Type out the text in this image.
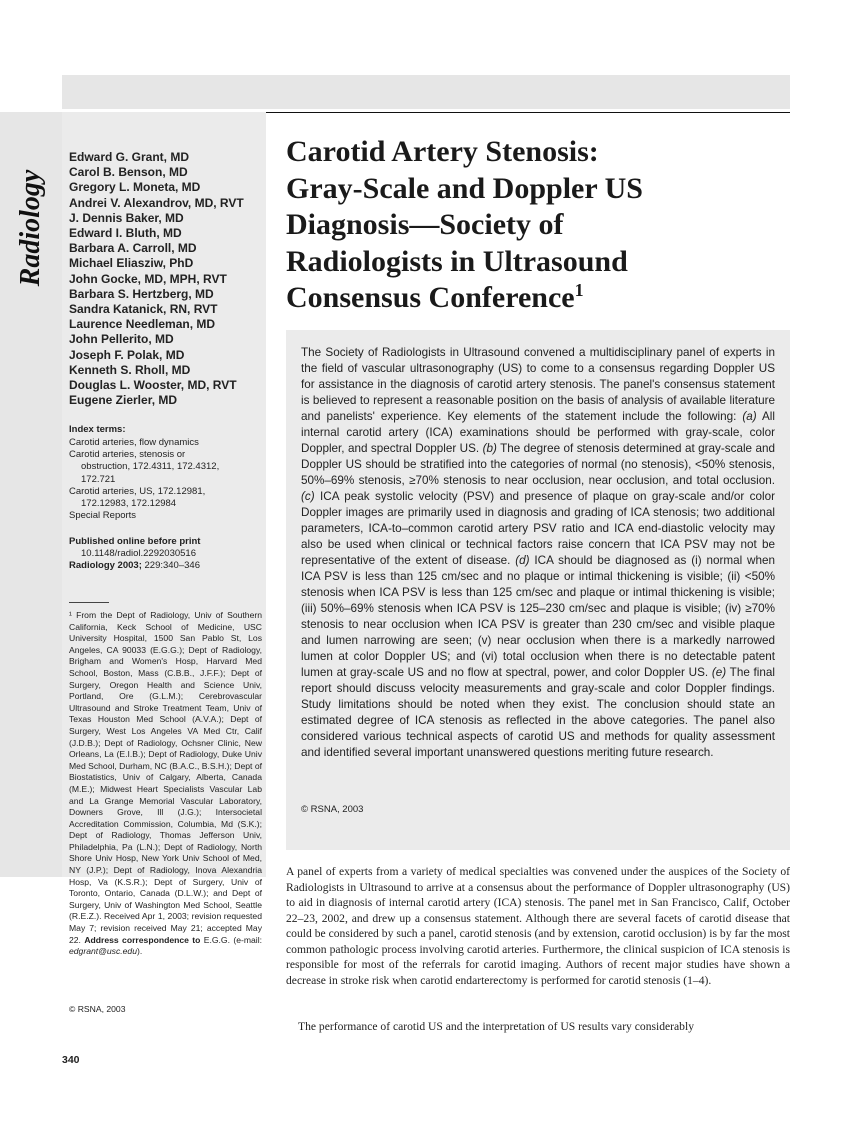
Radiology
Edward G. Grant, MD
Carol B. Benson, MD
Gregory L. Moneta, MD
Andrei V. Alexandrov, MD, RVT
J. Dennis Baker, MD
Edward I. Bluth, MD
Barbara A. Carroll, MD
Michael Eliasziw, PhD
John Gocke, MD, MPH, RVT
Barbara S. Hertzberg, MD
Sandra Katanick, RN, RVT
Laurence Needleman, MD
John Pellerito, MD
Joseph F. Polak, MD
Kenneth S. Rholl, MD
Douglas L. Wooster, MD, RVT
Eugene Zierler, MD
Index terms:
Carotid arteries, flow dynamics
Carotid arteries, stenosis or
obstruction, 172.4311, 172.4312,
172.721
Carotid arteries, US, 172.12981,
172.12983, 172.12984
Special Reports
Published online before print
10.1148/radiol.2292030516
Radiology 2003; 229:340–346

¹ From the Dept of Radiology, Univ of Southern California, Keck School of Medicine, USC University Hospital, 1500 San Pablo St, Los Angeles, CA 90033 (E.G.G.); Dept of Radiology, Brigham and Women's Hosp, Harvard Med School, Boston, Mass (C.B.B., J.F.F.); Dept of Surgery, Oregon Health and Science Univ, Portland, Ore (G.L.M.); Cerebrovascular Ultrasound and Stroke Treatment Team, Univ of Texas Houston Med School (A.V.A.); Dept of Surgery, West Los Angeles VA Med Ctr, Calif (J.D.B.); Dept of Radiology, Ochsner Clinic, New Orleans, La (E.I.B.); Dept of Radiology, Duke Univ Med School, Durham, NC (B.A.C., B.S.H.); Dept of Biostatistics, Univ of Calgary, Alberta, Canada (M.E.); Midwest Heart Specialists Vascular Lab and La Grange Memorial Vascular Laboratory, Downers Grove, Ill (J.G.); Intersocietal Accreditation Commission, Columbia, Md (S.K.); Dept of Radiology, Thomas Jefferson Univ, Philadelphia, Pa (L.N.); Dept of Radiology, North Shore Univ Hosp, New York Univ School of Med, NY (J.P.); Dept of Radiology, Inova Alexandria Hosp, Va (K.S.R.); Dept of Surgery, Univ of Toronto, Ontario, Canada (D.L.W.); and Dept of Surgery, Univ of Washington Med School, Seattle (R.E.Z.). Received Apr 1, 2003; revision requested May 7; revision received May 21; accepted May 22. Address correspondence to E.G.G. (e-mail: edgrant@usc.edu).

© RSNA, 2003
Carotid Artery Stenosis:
Gray-Scale and Doppler US
Diagnosis—Society of
Radiologists in Ultrasound
Consensus Conference$^1$

The Society of Radiologists in Ultrasound convened a multidisciplinary panel of experts in the field of vascular ultrasonography (US) to come to a consensus regarding Doppler US for assistance in the diagnosis of carotid artery stenosis. The panel's consensus statement is believed to represent a reasonable position on the basis of analysis of available literature and panelists' experience. Key elements of the statement include the following: (a) All internal carotid artery (ICA) examinations should be performed with gray-scale, color Doppler, and spectral Doppler US. (b) The degree of stenosis determined at gray-scale and Doppler US should be stratified into the categories of normal (no stenosis), <50% stenosis, 50%–69% stenosis, ≥70% stenosis to near occlusion, near occlusion, and total occlusion. (c) ICA peak systolic velocity (PSV) and presence of plaque on gray-scale and/or color Doppler images are primarily used in diagnosis and grading of ICA stenosis; two additional parameters, ICA-to–common carotid artery PSV ratio and ICA end-diastolic velocity may also be used when clinical or technical factors raise concern that ICA PSV may not be representative of the extent of disease. (d) ICA should be diagnosed as (i) normal when ICA PSV is less than 125 cm/sec and no plaque or intimal thickening is visible; (ii) <50% stenosis when ICA PSV is less than 125 cm/sec and plaque or intimal thickening is visible; (iii) 50%–69% stenosis when ICA PSV is 125–230 cm/sec and plaque is visible; (iv) ≥70% stenosis to near occlusion when ICA PSV is greater than 230 cm/sec and visible plaque and lumen narrowing are seen; (v) near occlusion when there is a markedly narrowed lumen at color Doppler US; and (vi) total occlusion when there is no detectable patent lumen at gray-scale US and no flow at spectral, power, and color Doppler US. (e) The final report should discuss velocity measurements and gray-scale and color Doppler findings. Study limitations should be noted when they exist. The conclusion should state an estimated degree of ICA stenosis as reflected in the above categories. The panel also considered various technical aspects of carotid US and methods for quality assessment and identified several important unanswered questions meriting future research.

© RSNA, 2003

A panel of experts from a variety of medical specialties was convened under the auspices of the Society of Radiologists in Ultrasound to arrive at a consensus about the performance of Doppler ultrasonography (US) to aid in diagnosis of internal carotid artery (ICA) stenosis. The panel met in San Francisco, Calif, October 22–23, 2002, and drew up a consensus statement. Although there are several facets of carotid disease that could be considered by such a panel, carotid stenosis (and by extension, carotid occlusion) is by far the most common pathologic process involving carotid arteries. Furthermore, the clinical suspicion of ICA stenosis is responsible for most of the referrals for carotid imaging. Authors of recent major studies have shown a decrease in stroke risk when carotid endarterectomy is performed for carotid stenosis (1–4).

The performance of carotid US and the interpretation of US results vary considerably

340
